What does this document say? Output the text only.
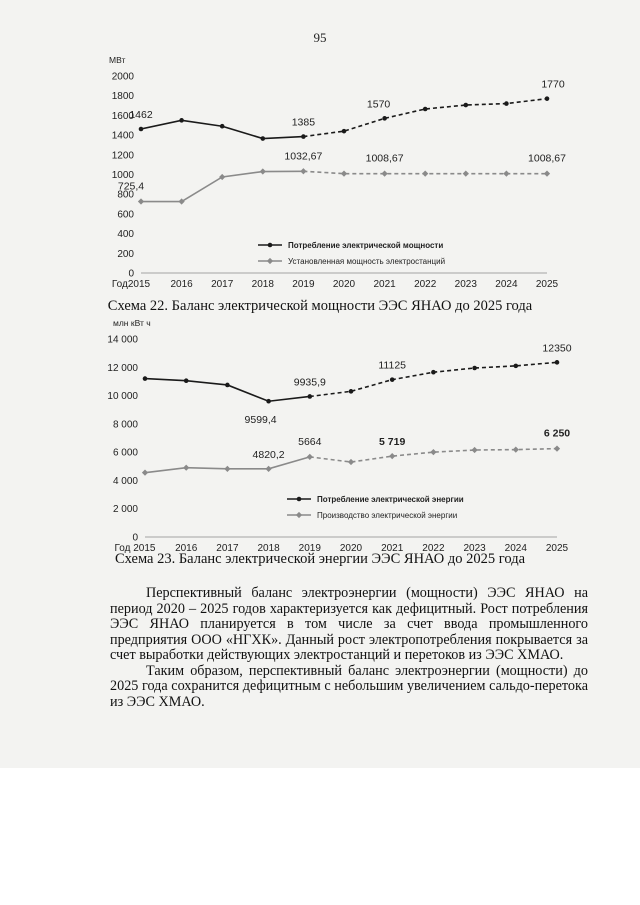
95
МВт
0
200
400
600
800
1000
1200
1400
1600
1800
2000
Год2015 2016 2017 2018 2019 2020 2021 2022 2023 2024 2025
1462
1385
1570
1770
Потребление электрической мощности
725,4
1032,67	1008,67	1008,67
Установленная мощность электростанций
Схема 22. Баланс электрической мощности ЭЭС ЯНАО до 2025 года
млн кВт ч
0
2 000
4 000
6 000
8 000
10 000
12 000
14 000
Год 2015 2016 2017 2018 2019 2020 2021 2022 2023 2024 2025
9599,4
9935,9
11125
12350
Потребление электрической энергии
4820,2
5664	5 719
6 250
Производство электрической энергии
Схема 23. Баланс электрической энергии ЭЭС ЯНАО до 2025 года

Перспективный баланс электроэнергии (мощности) ЭЭС ЯНАО на период 2020 – 2025 годов характеризуется как дефицитный. Рост потребления ЭЭС ЯНАО планируется в том числе за счет ввода промышленного предприятия ООО «НГХК». Данный рост электропотребления покрывается за счет выработки действующих электростанций и перетоков из ЭЭС ХМАО.

Таким образом, перспективный баланс электроэнергии (мощности) до 2025 года сохранится дефицитным с небольшим увеличением сальдо-перетока из ЭЭС ХМАО.
